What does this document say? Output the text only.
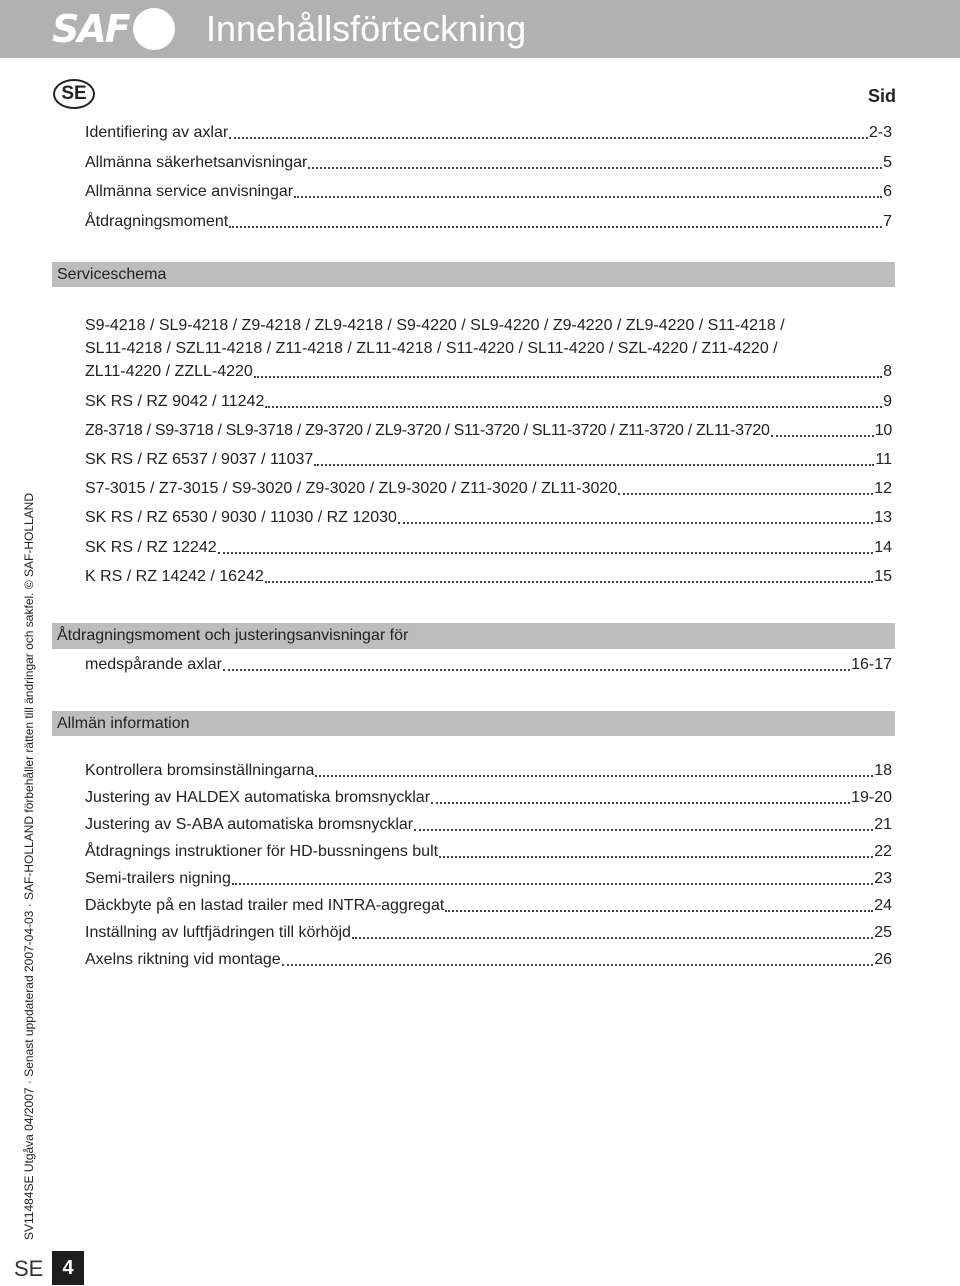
SAF Innehållsförteckning
SE	Sid
Identifiering av axlar	2-3
Allmänna säkerhetsanvisningar	5
Allmänna service anvisningar	6
Åtdragningsmoment	7
Serviceschema
S9-4218 / SL9-4218 / Z9-4218 / ZL9-4218 / S9-4220 / SL9-4220 / Z9-4220 / ZL9-4220 / S11-4218 /
SL11-4218 / SZL11-4218 / Z11-4218 / ZL11-4218 / S11-4220 / SL11-4220 / SZL-4220 / Z11-4220 /
ZL11-4220 / ZZLL-4220	8
SK RS / RZ 9042 / 11242	9
Z8-3718 / S9-3718 / SL9-3718 / Z9-3720 / ZL9-3720 / S11-3720 / SL11-3720 / Z11-3720 / ZL11-3720	10
SK RS / RZ 6537 / 9037 / 11037	11
S7-3015 / Z7-3015 / S9-3020 / Z9-3020 / ZL9-3020 / Z11-3020 / ZL11-3020	12
SK RS / RZ 6530 / 9030 / 11030 / RZ 12030	13
SK RS / RZ 12242	14
K RS / RZ 14242 / 16242	15
Åtdragningsmoment och justeringsanvisningar för
medspårande axlar	16-17
Allmän information
Kontrollera bromsinställningarna	18
Justering av HALDEX automatiska bromsnycklar	19-20
Justering av S-ABA automatiska bromsnycklar	21
Åtdragnings instruktioner för HD-bussningens bult	22
Semi-trailers nigning	23
Däckbyte på en lastad trailer med INTRA-aggregat	24
Inställning av luftfjädringen till körhöjd	25
Axelns riktning vid montage	26
SV11484SE Utgåva 04/2007 · Senast uppdaterad 2007-04-03 · SAF-HOLLAND förbehåller rätten till ändringar och sakfel. © SAF-HOLLAND
SE 4
